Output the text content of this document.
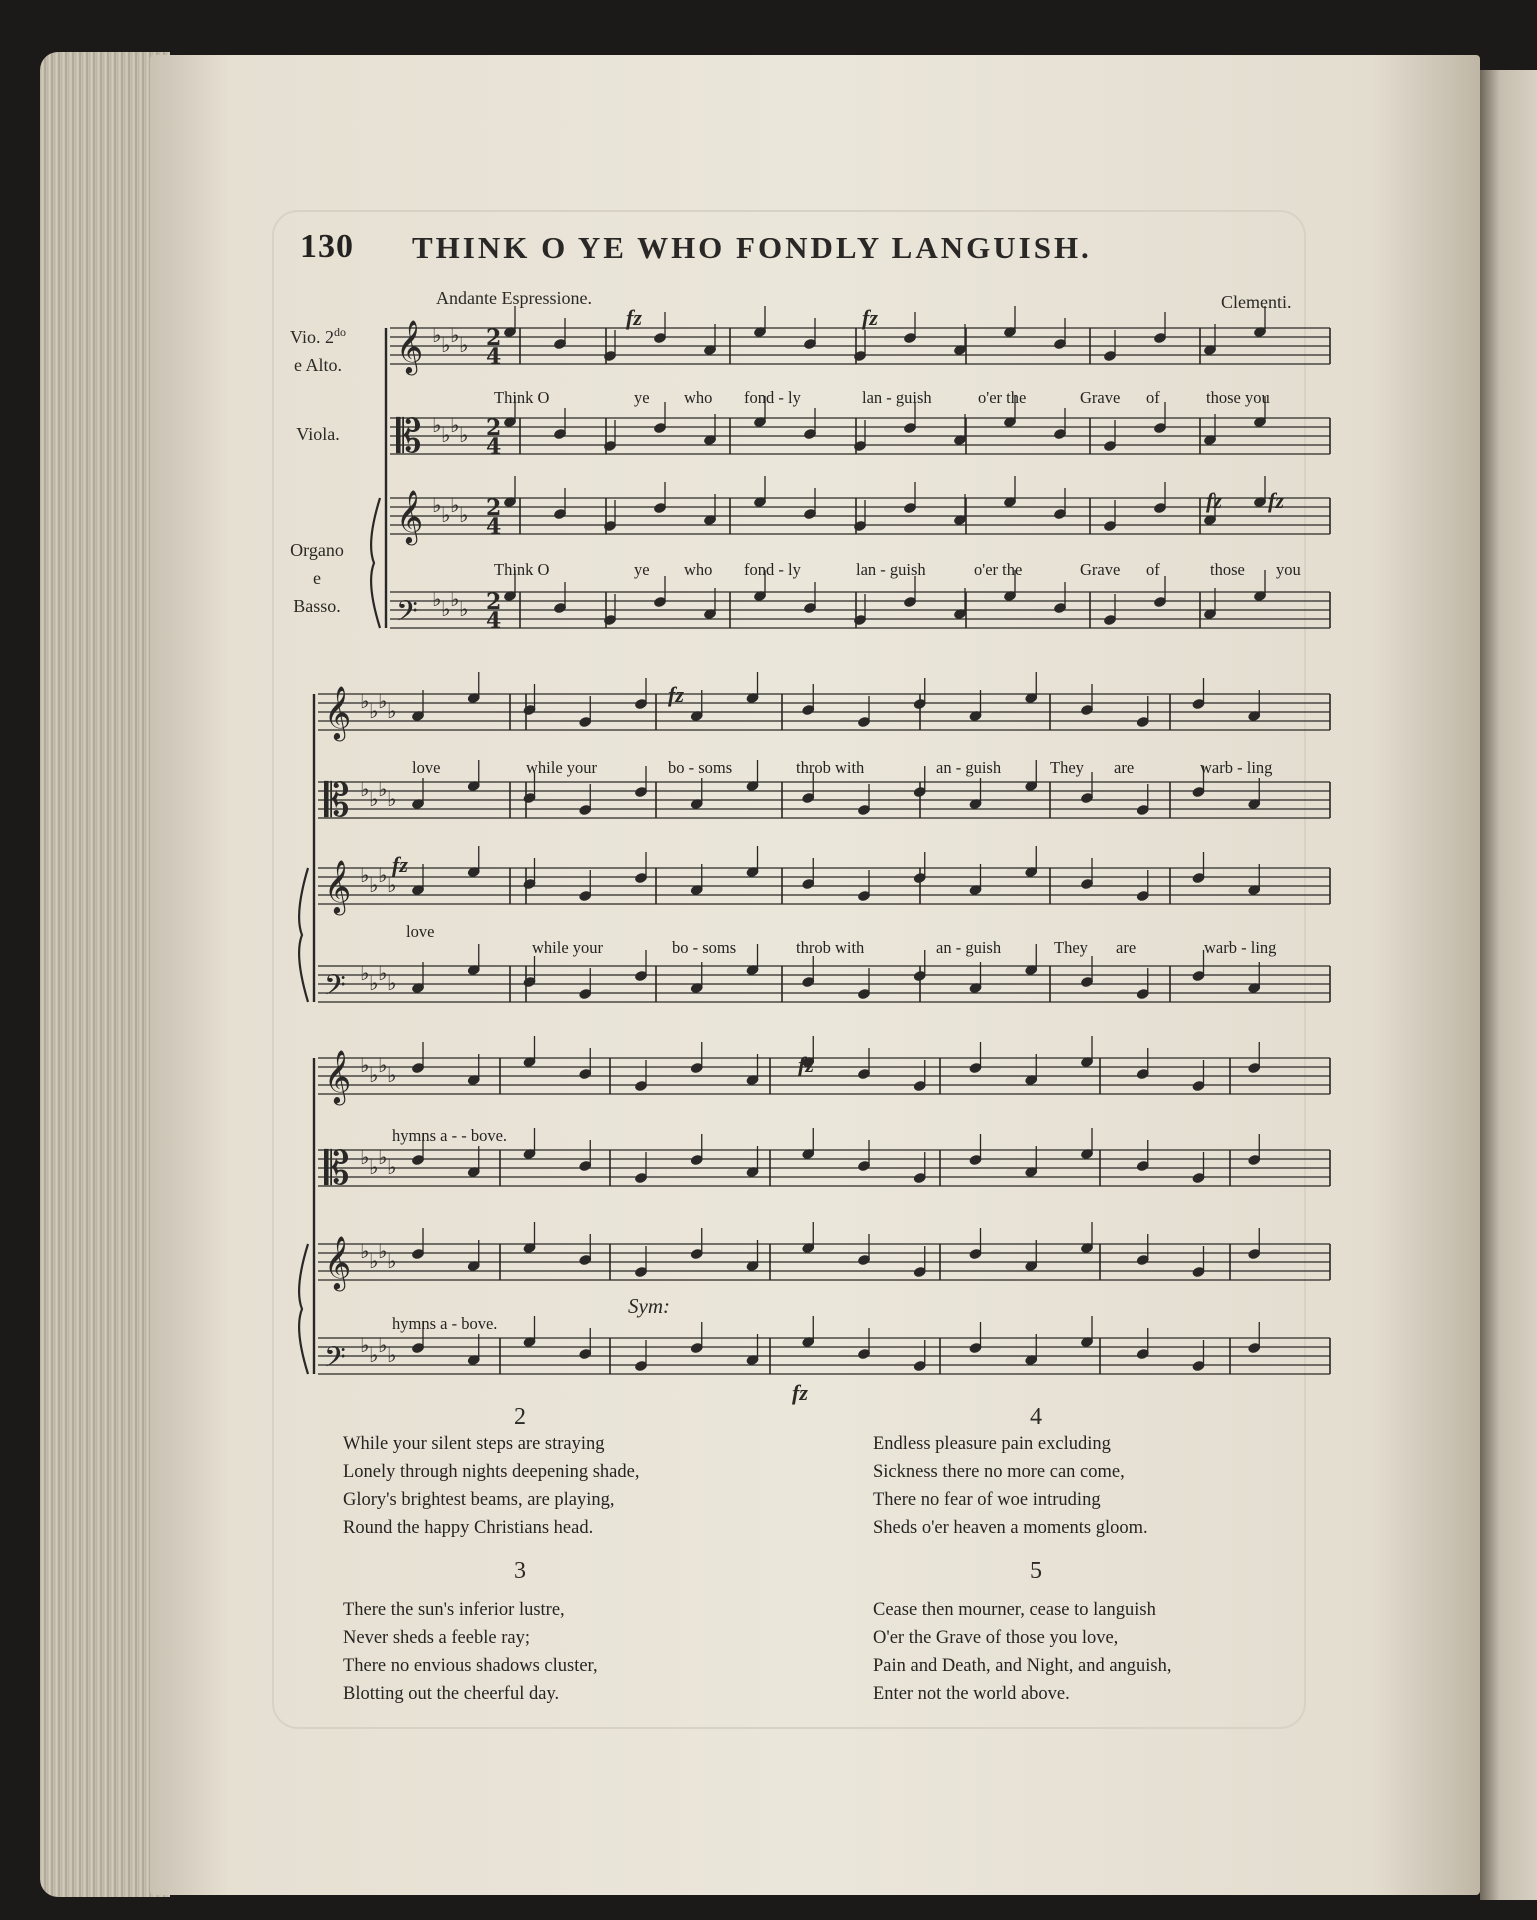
130 THINK O YE WHO FONDLY LANGUISH.
Andante Espressione.	Clementi.
Vio. $2^{do}$
e Alto.
Viola.
Organo
e
Basso.
𝄞 ♭ ♭ ♭ ♭
𝄡 ♭ ♭ ♭ ♭
𝄞 ♭ ♭ ♭ ♭
𝄢 ♭ ♭ ♭ ♭
𝄞 ♭ ♭ ♭ ♭
𝄡 ♭ ♭ ♭ ♭
𝄞 ♭ ♭ ♭ ♭
𝄢 ♭ ♭ ♭ ♭
𝄞 ♭ ♭ ♭ ♭
𝄡 ♭ ♭ ♭ ♭
𝄞 ♭ ♭ ♭ ♭
𝄢 ♭ ♭ ♭ ♭
2
4
2
4
2
4
2
4
fz	fz
fz fz
fz
fz
fz
fz
Sym:
Think O	ye who fond - ly	lan - guish	o'er the	Grave of	those you
Think O	ye who fond - ly	lan - guish	o'er the	Grave of	those you
love	while your	bo - soms	throb with	an - guish	They are	warb - ling
love
while your	bo - soms	throb with	an - guish	They are	warb - ling
hymns a - - bove.
hymns a - bove.
2
While your silent steps are straying
Lonely through nights deepening shade,
Glory's brightest beams, are playing,
Round the happy Christians head.
4
Endless pleasure pain excluding
Sickness there no more can come,
There no fear of woe intruding
Sheds o'er heaven a moments gloom.
3
There the sun's inferior lustre,
Never sheds a feeble ray;
There no envious shadows cluster,
Blotting out the cheerful day.
5
Cease then mourner, cease to languish
O'er the Grave of those you love,
Pain and Death, and Night, and anguish,
Enter not the world above.
